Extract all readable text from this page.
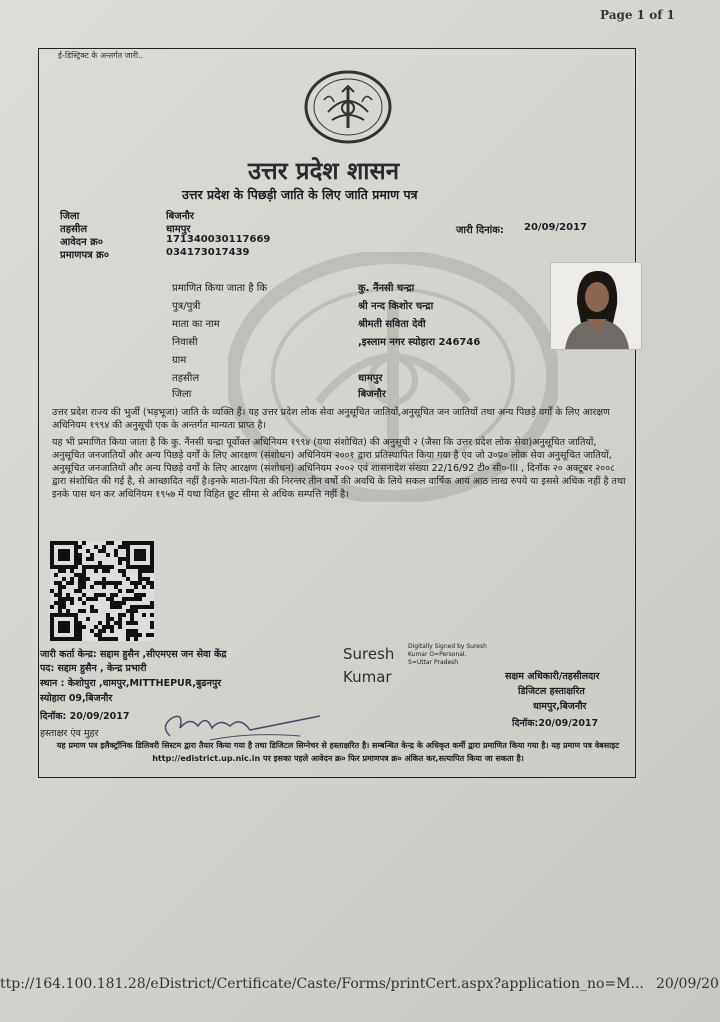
Page 1 of 1
ई-डिस्ट्रिक्ट के अन्तर्गत जारी..
उत्तर प्रदेश शासन
उत्तर प्रदेश के पिछड़ी जाति के लिए जाति प्रमाण पत्र
जिला	बिजनौर
तहसील	धामपुर
आवेदन क्र०	171340030117669
प्रमाणपत्र क्र०	034173017439
जारी दिनांक: 20/09/2017
प्रमाणित किया जाता है कि	कु. नैंनसी चन्द्रा
पुत्र/पुत्री	श्री नन्द किशोर चन्द्रा
माता का नाम	श्रीमती सविता देवी
निवासी	,इस्लाम नगर स्योहारा 246746
ग्राम
तहसील	धामपुर
जिला	बिजनौर
उत्तर प्रदेश राज्य की भुर्जी (भड़भूजा) जाति के व्यक्ति हैं। यह उत्तर प्रदेश लोक सेवा अनुसूचित जातियों,अनुसूचित जन जातियों तथा अन्य पिछड़े वर्गों के लिए आरक्षण अधिनियम १९९४ की अनुसूची एक के अन्तर्गत मान्यता प्राप्त है।
यह भी प्रमाणित किया जाता है कि कु. नैंनसी चन्द्रा पूर्वोक्त अधिनियम १९९४ (यथा संशोधित) की अनुसूची २ (जैसा कि उत्तर प्रदेश लोक सेवा)अनुसूचित जातियों, अनुसूचित जनजातियों और अन्य पिछड़े वर्गों के लिए आरक्षण (संशोधन) अधिनियम २००१ द्वारा प्रतिस्थापित किया गया है एंव जो उ०प्र० लोक सेवा अनुसूचित जातियों, अनुसूचित जनजातियों और अन्य पिछड़े वर्गों के लिए आरक्षण (संशोधन) अधिनियम २००२ एवं शासनादेश संख्या 22/16/92 टी० सी०-III , दिनॉक २० अक्टूबर २००८ द्वारा संशोधित की गई है, से आच्छादित नहीं है।इनके माता-पिता की निरन्तर तीन वर्षो की अवधि के लिये सकल वार्षिक आय आठ लाख रुपये या इससे अधिक नहीं है तथा इनके पास धन कर अधिनियम १९५७ में यथा विहित छूट सीमा से अधिक सम्पत्ति नहीं है।
जारी कर्ता केन्द्र: सद्दाम हुसैन ,सीएमएस जन सेवा केंद्र
पद: सद्दाम हुसैन , केन्द्र प्रभारी
स्थान : केशोपुरा ,धामपुर,MITTHEPUR,बुढनपुर
स्योहारा 09,बिजनौर
दिनॉक: 20/09/2017
हस्ताक्षर एंव मुहर
Suresh
Kumar
Digitally Signed by Suresh Kumar O=Personal, S=Uttar Pradesh
सक्षम अधिकारी/तहसीलदार
डिजिटल हस्ताक्षरित
धामपुर,बिजनौर
दिनॉक:20/09/2017
यह प्रमाण पत्र इलैक्ट्रॉनिक डिलिवरी सिस्टम द्वारा तैयार किया गया है तथा डिजिटल सिग्नेचर से हस्ताक्षरित है। सम्बन्धित केन्द्र के अधिकृत कर्मी द्वारा प्रमाणित किया गया है। यह प्रमाण पत्र वेबसाइट http://edistrict.up.nic.in पर इसका पहले आवेदन क्र० फिर प्रमाणपत्र क्र० अंकित कर,सत्यापित किया जा सकता है।
ttp://164.100.181.28/eDistrict/Certificate/Caste/Forms/printCert.aspx?application_no=M... 20/09/20
